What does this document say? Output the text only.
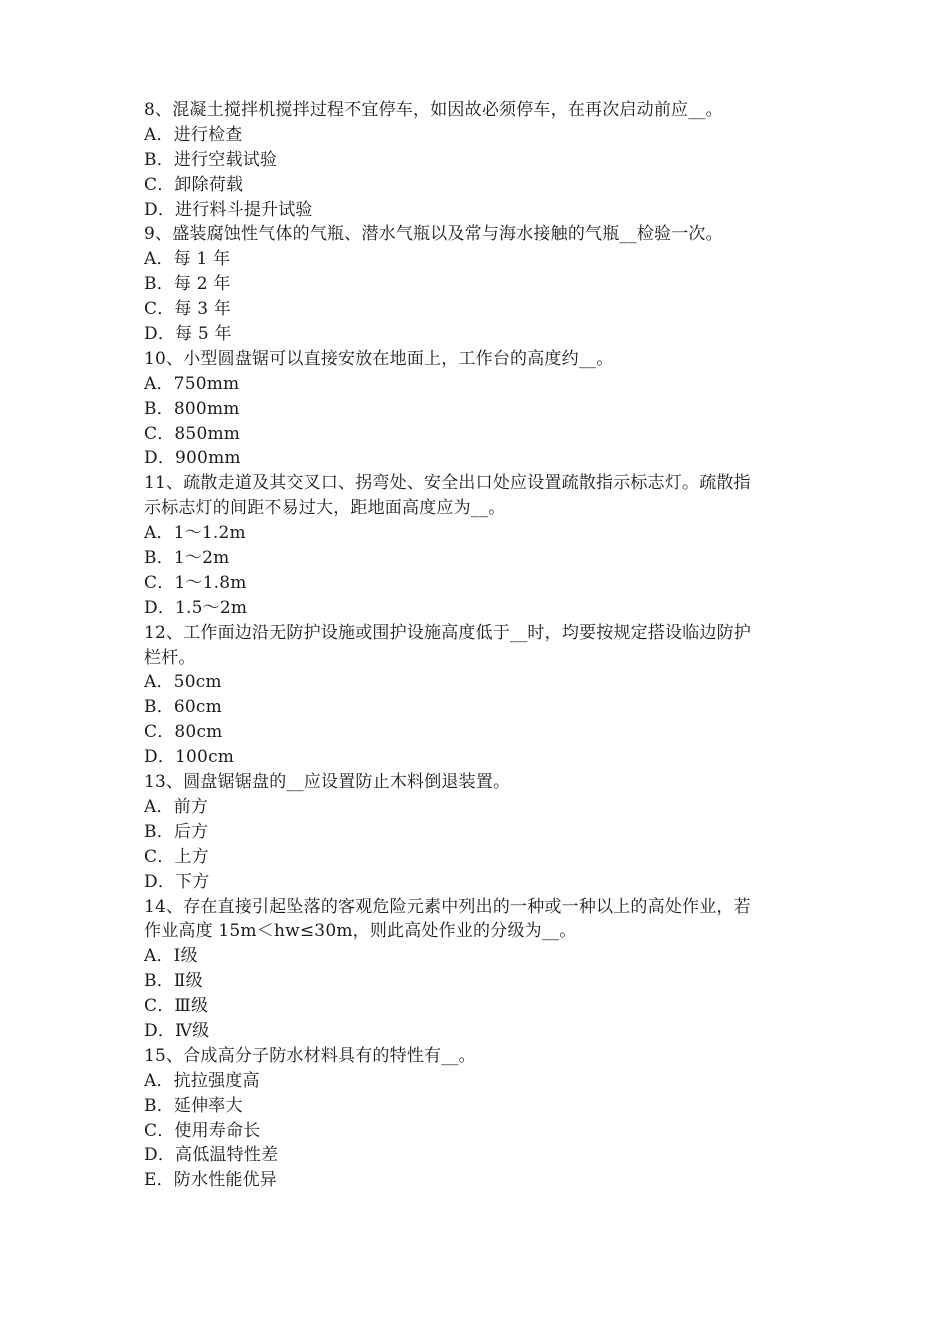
8、混凝土搅拌机搅拌过程不宜停车，如因故必须停车，在再次启动前应__。
A．进行检查
B．进行空载试验
C．卸除荷载
D．进行料斗提升试验
9、盛装腐蚀性气体的气瓶、潜水气瓶以及常与海水接触的气瓶__检验一次。
A．每 1 年
B．每 2 年
C．每 3 年
D．每 5 年
10、小型圆盘锯可以直接安放在地面上，工作台的高度约__。
A．750mm
B．800mm
C．850mm
D．900mm
11、疏散走道及其交叉口、拐弯处、安全出口处应设置疏散指示标志灯。疏散指
示标志灯的间距不易过大，距地面高度应为__。
A．1～1.2m
B．1～2m
C．1～1.8m
D．1.5～2m
12、工作面边沿无防护设施或围护设施高度低于__时，均要按规定搭设临边防护
栏杆。
A．50cm
B．60cm
C．80cm
D．100cm
13、圆盘锯锯盘的__应设置防止木料倒退装置。
A．前方
B．后方
C．上方
D．下方
14、存在直接引起坠落的客观危险元素中列出的一种或一种以上的高处作业，若
作业高度 15m＜hw≤30m，则此高处作业的分级为__。
A．Ⅰ级
B．Ⅱ级
C．Ⅲ级
D．Ⅳ级
15、合成高分子防水材料具有的特性有__。
A．抗拉强度高
B．延伸率大
C．使用寿命长
D．高低温特性差
E．防水性能优异
